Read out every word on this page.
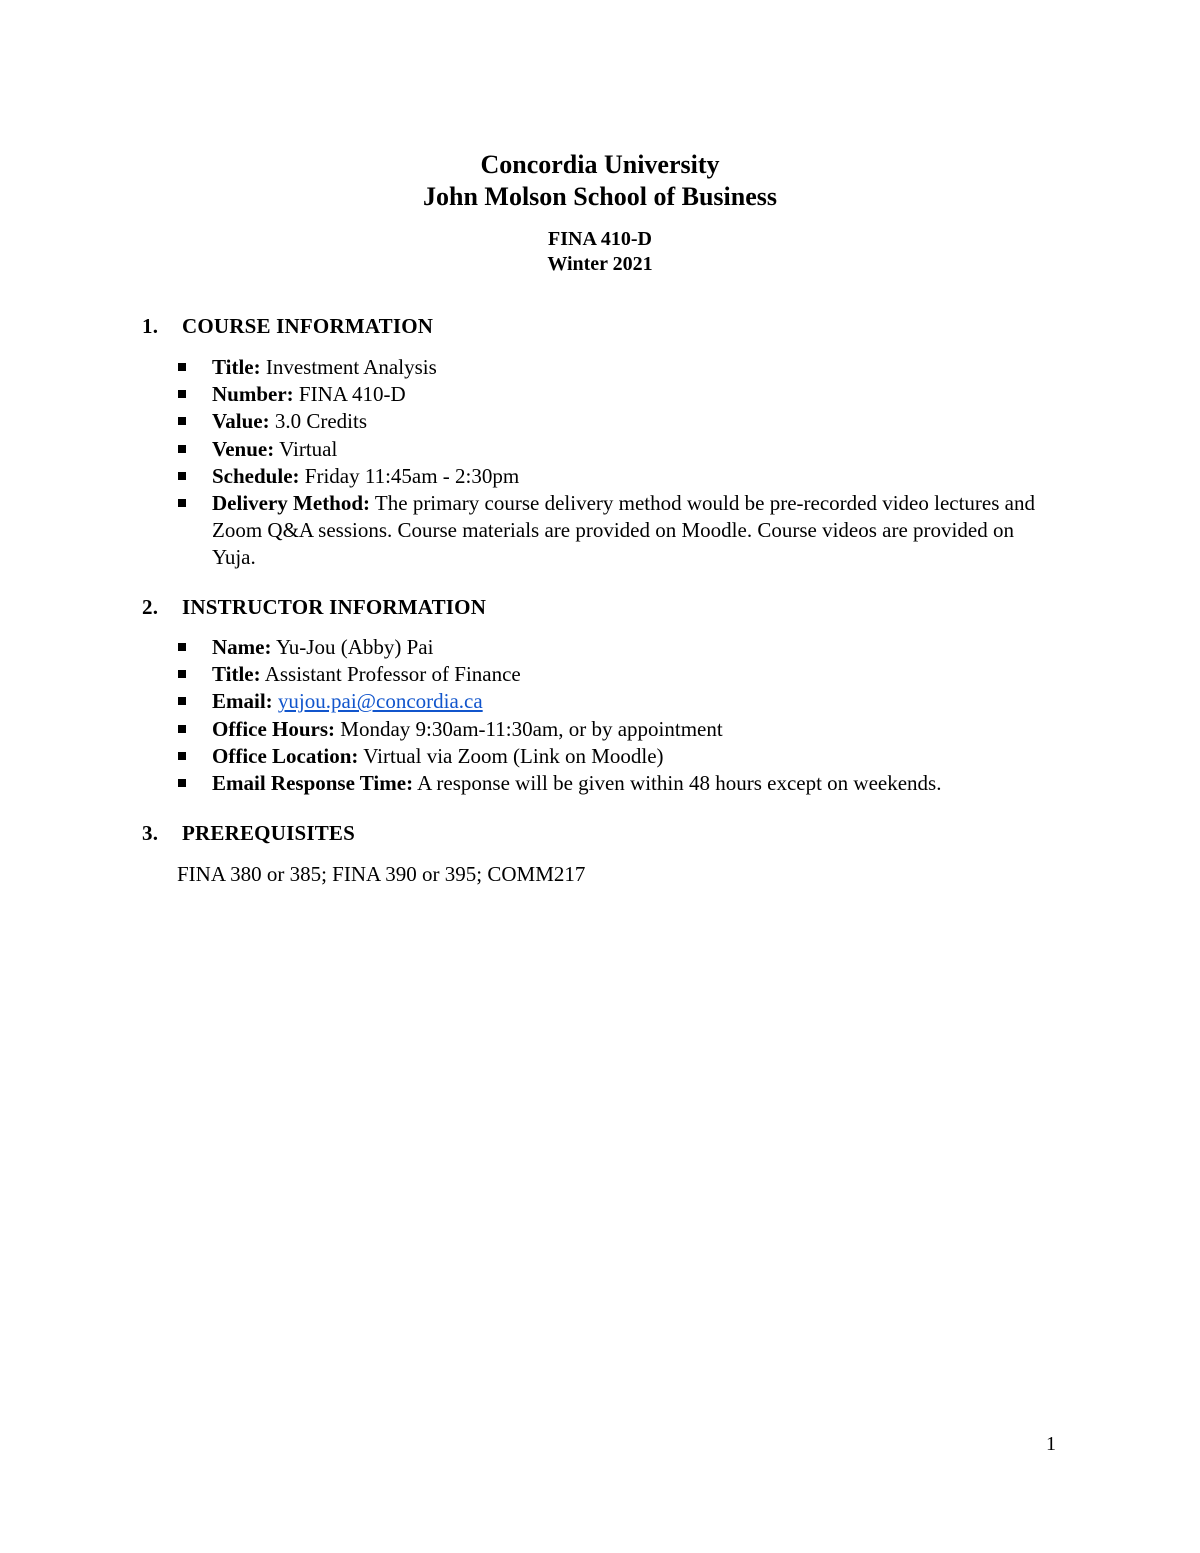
Concordia University
John Molson School of Business
FINA 410-D
Winter 2021
1. COURSE INFORMATION
Title: Investment Analysis
Number: FINA 410-D
Value: 3.0 Credits
Venue: Virtual
Schedule: Friday 11:45am - 2:30pm
Delivery Method: The primary course delivery method would be pre-recorded video lectures and Zoom Q&A sessions. Course materials are provided on Moodle. Course videos are provided on Yuja.
2. INSTRUCTOR INFORMATION
Name: Yu-Jou (Abby) Pai
Title: Assistant Professor of Finance
Email: yujou.pai@concordia.ca
Office Hours: Monday 9:30am-11:30am, or by appointment
Office Location: Virtual via Zoom (Link on Moodle)
Email Response Time: A response will be given within 48 hours except on weekends.
3. PREREQUISITES
FINA 380 or 385; FINA 390 or 395; COMM217
1
